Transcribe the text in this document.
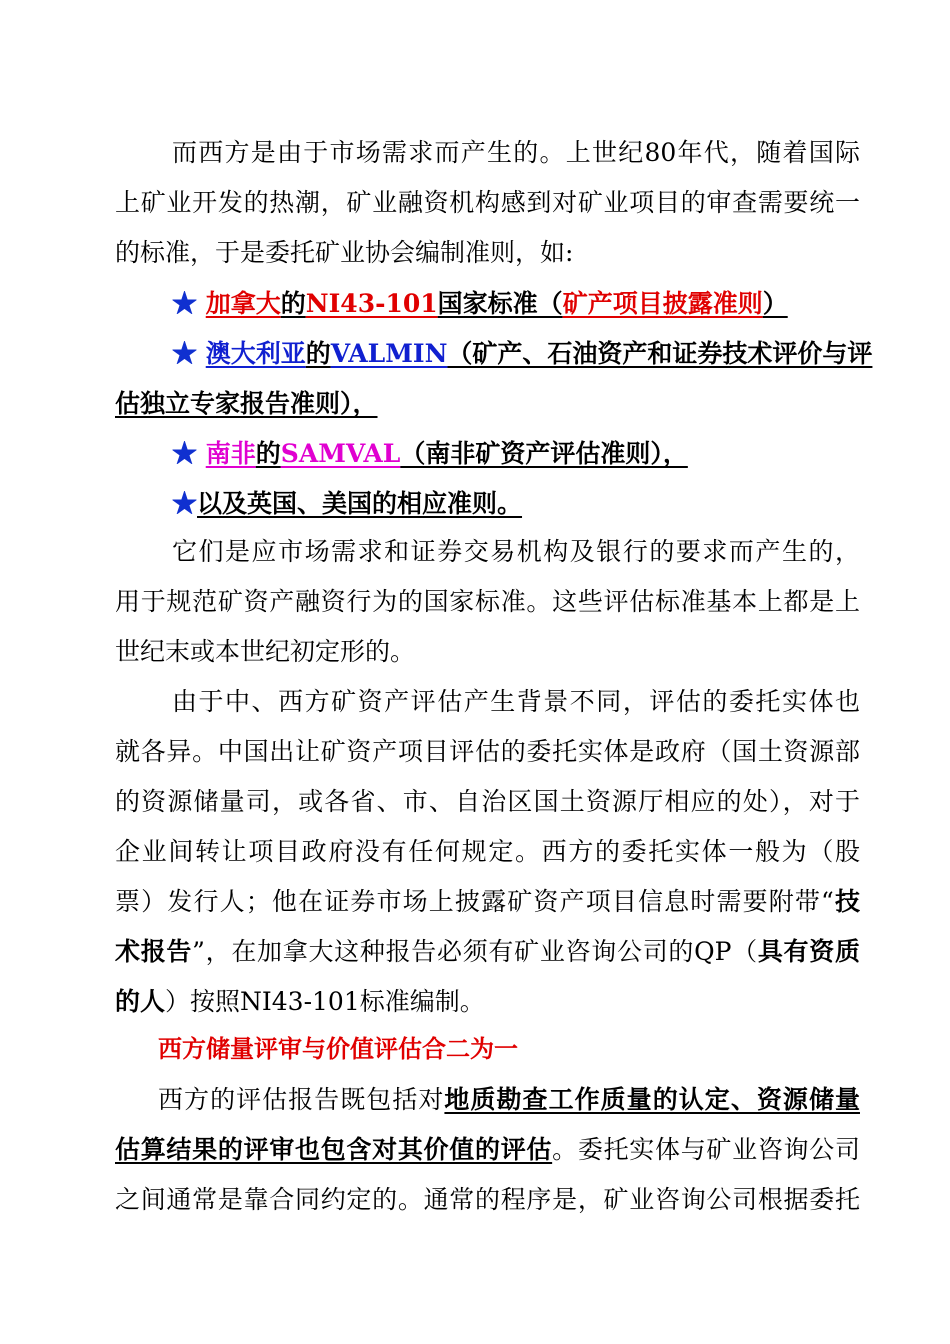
而西方是由于市场需求而产生的。上世纪80年代，随着国际
上矿业开发的热潮，矿业融资机构感到对矿业项目的审查需要统一
的标准，于是委托矿业协会编制准则，如:
★ 加拿大的NI43-101国家标准（矿产项目披露准则）
★ 澳大利亚的VALMIN（矿产、石油资产和证券技术评价与评
估独立专家报告准则），
★ 南非的SAMVAL（南非矿资产评估准则），
★以及英国、美国的相应准则。
它们是应市场需求和证券交易机构及银行的要求而产生的，
用于规范矿资产融资行为的国家标准。这些评估标准基本上都是上
世纪末或本世纪初定形的。
由于中、西方矿资产评估产生背景不同，评估的委托实体也
就各异。中国出让矿资产项目评估的委托实体是政府（国土资源部
的资源储量司，或各省、市、自治区国土资源厅相应的处），对于
企业间转让项目政府没有任何规定。西方的委托实体一般为（股
票）发行人；他在证券市场上披露矿资产项目信息时需要附带“技
术报告”，在加拿大这种报告必须有矿业咨询公司的QP（具有资质
的人）按照NI43-101标准编制。
西方储量评审与价值评估合二为一
西方的评估报告既包括对地质勘查工作质量的认定、资源储量
估算结果的评审也包含对其价值的评估。委托实体与矿业咨询公司
之间通常是靠合同约定的。通常的程序是，矿业咨询公司根据委托
